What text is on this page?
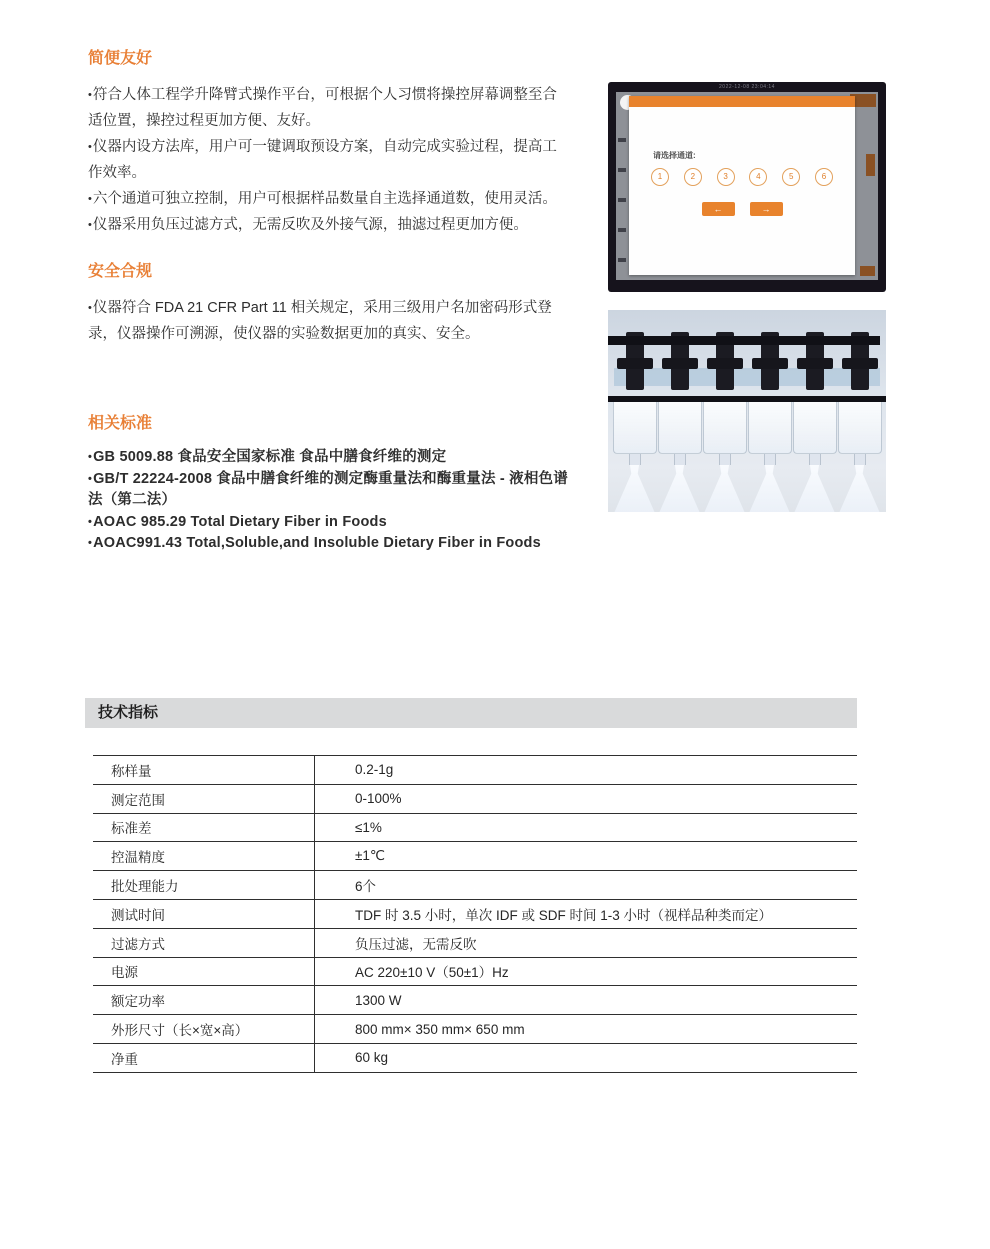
简便友好
• 符合人体工程学升降臂式操作平台，可根据个人习惯将操控屏幕调整至合适位置，操控过程更加方便、友好。
• 仪器内设方法库，用户可一键调取预设方案，自动完成实验过程，提高工作效率。
• 六个通道可独立控制，用户可根据样品数量自主选择通道数，使用灵活。
• 仪器采用负压过滤方式，无需反吹及外接气源，抽滤过程更加方便。
2022-12-08 23:04:14
请选择通道:
1	2	3	4	5	6
←	→
安全合规
• 仪器符合 FDA 21 CFR Part 11 相关规定，采用三级用户名加密码形式登录，仪器操作可溯源，使仪器的实验数据更加的真实、安全。
相关标准
• GB 5009.88 食品安全国家标准 食品中膳食纤维的测定
• GB/T 22224-2008 食品中膳食纤维的测定酶重量法和酶重量法 - 液相色谱法（第二法）
• AOAC 985.29 Total Dietary Fiber in Foods
• AOAC991.43 Total,Soluble,and Insoluble Dietary Fiber in Foods
技术指标
称样量	0.2-1g
测定范围	0-100%
标准差	≤1%
控温精度	±1℃
批处理能力	6个
测试时间	TDF 时 3.5 小时，单次 IDF 或 SDF 时间 1-3 小时（视样品种类而定）
过滤方式	负压过滤，无需反吹
电源	AC 220±10 V（50±1）Hz
额定功率	1300 W
外形尺寸（长×宽×高）	800 mm× 350 mm× 650 mm
净重	60 kg
